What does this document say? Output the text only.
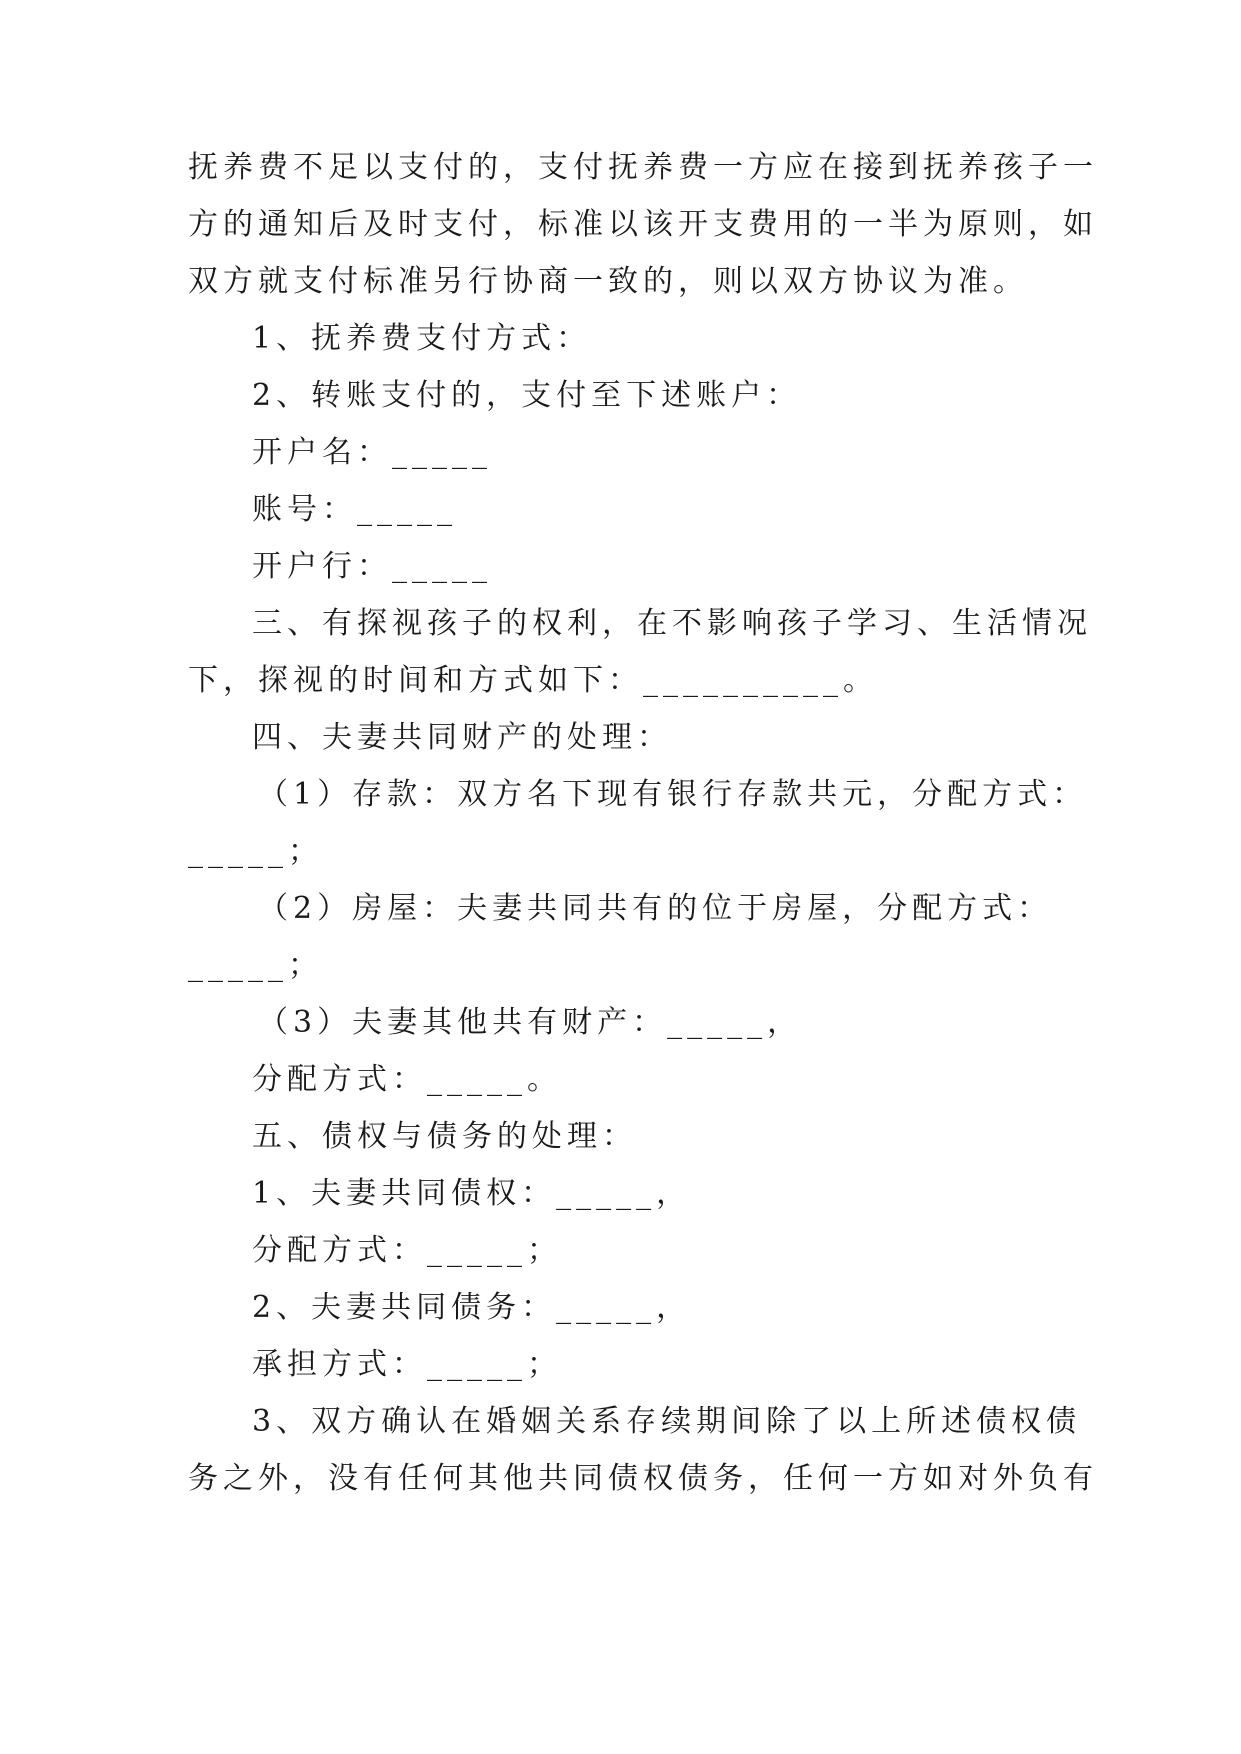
抚养费不足以支付的，支付抚养费一方应在接到抚养孩子一
方的通知后及时支付，标准以该开支费用的一半为原则，如
双方就支付标准另行协商一致的，则以双方协议为准。
1、抚养费支付方式：
2、转账支付的，支付至下述账户：
开户名：_____
账号：_____
开户行：_____
三、有探视孩子的权利，在不影响孩子学习、生活情况
下，探视的时间和方式如下：__________。
四、夫妻共同财产的处理：
（1）存款：双方名下现有银行存款共元，分配方式：
_____；
（2）房屋：夫妻共同共有的位于房屋，分配方式：
_____；
（3）夫妻其他共有财产：_____，
分配方式：_____。
五、债权与债务的处理：
1、夫妻共同债权：_____，
分配方式：_____；
2、夫妻共同债务：_____，
承担方式：_____；
3、双方确认在婚姻关系存续期间除了以上所述债权债
务之外，没有任何其他共同债权债务，任何一方如对外负有
